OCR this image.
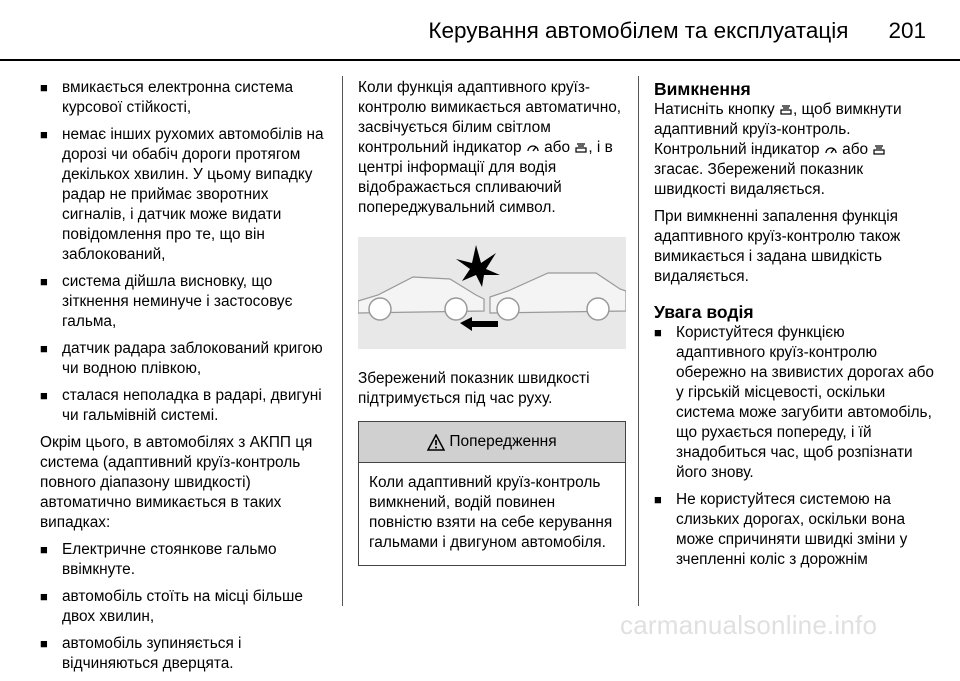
Керування автомобілем та експлуатація 201
■ вмикається електронна система курсової стійкості,
■ немає інших рухомих автомобілів на дорозі чи обабіч дороги протягом декількох хвилин. У цьому випадку радар не приймає зворотних сигналів, і датчик може видати повідомлення про те, що він заблокований,
■ система дійшла висновку, що зіткнення неминуче і застосовує гальма,
■ датчик радара заблокований кригою чи водною плівкою,
■ сталася неполадка в радарі, двигуні чи гальмівній системі.
Окрім цього, в автомобілях з АКПП ця система (адаптивний круїз-контроль повного діапазону швидкості) автоматично вимикається в таких випадках:
■ Електричне стоянкове гальмо ввімкнуте.
■ автомобіль стоїть на місці більше двох хвилин,
■ автомобіль зупиняється і відчиняються дверцята.
Коли функція адаптивного круїз-контролю вимикається автоматично, засвічується білим світлом контрольний індикатор або , і в центрі інформації для водія відображається спливаючий попереджувальний символ.
Збережений показник швидкості підтримується під час руху.
Попередження
Коли адаптивний круїз-контроль вимкнений, водій повинен повністю взяти на себе керування гальмами і двигуном автомобіля.
Вимкнення
Натисніть кнопку , щоб вимкнути адаптивний круїз-контроль. Контрольний індикатор або  згасає. Збережений показник швидкості видаляється.
При вимкненні запалення функція адаптивного круїз-контролю також вимикається і задана швидкість видаляється.
Увага водія
■ Користуйтеся функцією адаптивного круїз-контролю обережно на звивистих дорогах або у гірській місцевості, оскільки система може загубити автомобіль, що рухається попереду, і їй знадобиться час, щоб розпізнати його знову.
■ Не користуйтеся системою на слизьких дорогах, оскільки вона може спричиняти швидкі зміни у зчепленні коліс з дорожнім
carmanualsonline.info
